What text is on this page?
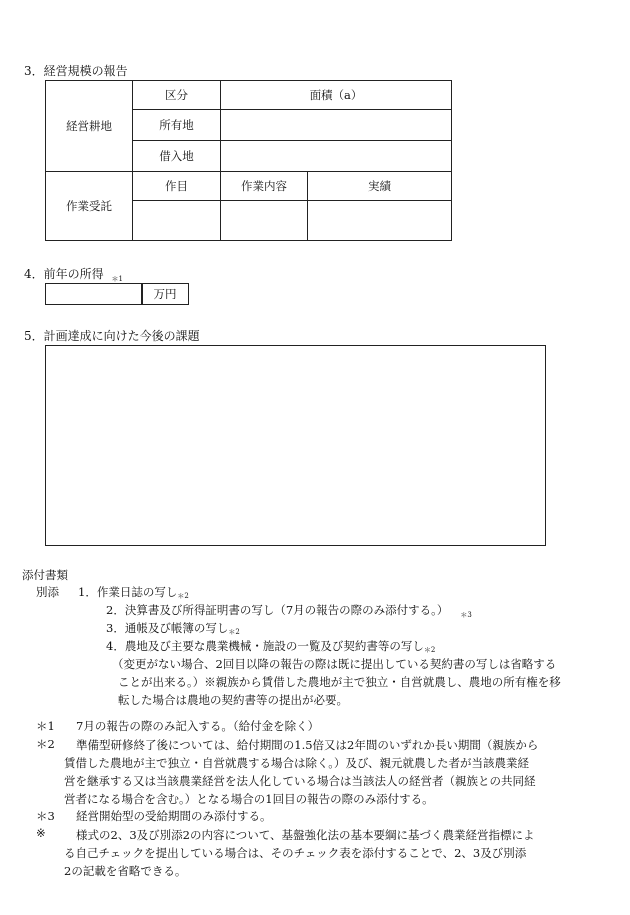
3．経営規模の報告
経営耕地	区分	面積（a）	
	所有地		
	借入地		
作業受託	作目	作業内容	実績

4．前年の所得 $_{*1}$
万円
5．計画達成に向けた今後の課題
添付書類
別添 1．作業日誌の写し$_{*2}$
2．決算書及び所得証明書の写し（7月の報告の際のみ添付する。） $_{*3}$
3．通帳及び帳簿の写し$_{*2}$
4．農地及び主要な農業機械・施設の一覧及び契約書等の写し$_{*2}$
（変更がない場合、2回目以降の報告の際は既に提出している契約書の写しは省略する
ことが出来る。）※親族から賃借した農地が主で独立・自営就農し、農地の所有権を移
転した場合は農地の契約書等の提出が必要。
＊1 7月の報告の際のみ記入する。（給付金を除く）
＊2	準備型研修終了後については、給付期間の1.5倍又は2年間のいずれか長い期間（親族から
賃借した農地が主で独立・自営就農する場合は除く。）及び、親元就農した者が当該農業経
営を継承する又は当該農業経営を法人化している場合は当該法人の経営者（親族との共同経
営者になる場合を含む。）となる場合の1回目の報告の際のみ添付する。
＊3 経営開始型の受給期間のみ添付する。
※	様式の2、3及び別添2の内容について、基盤強化法の基本要綱に基づく農業経営指標によ
る自己チェックを提出している場合は、そのチェック表を添付することで、2、3及び別添
2の記載を省略できる。
